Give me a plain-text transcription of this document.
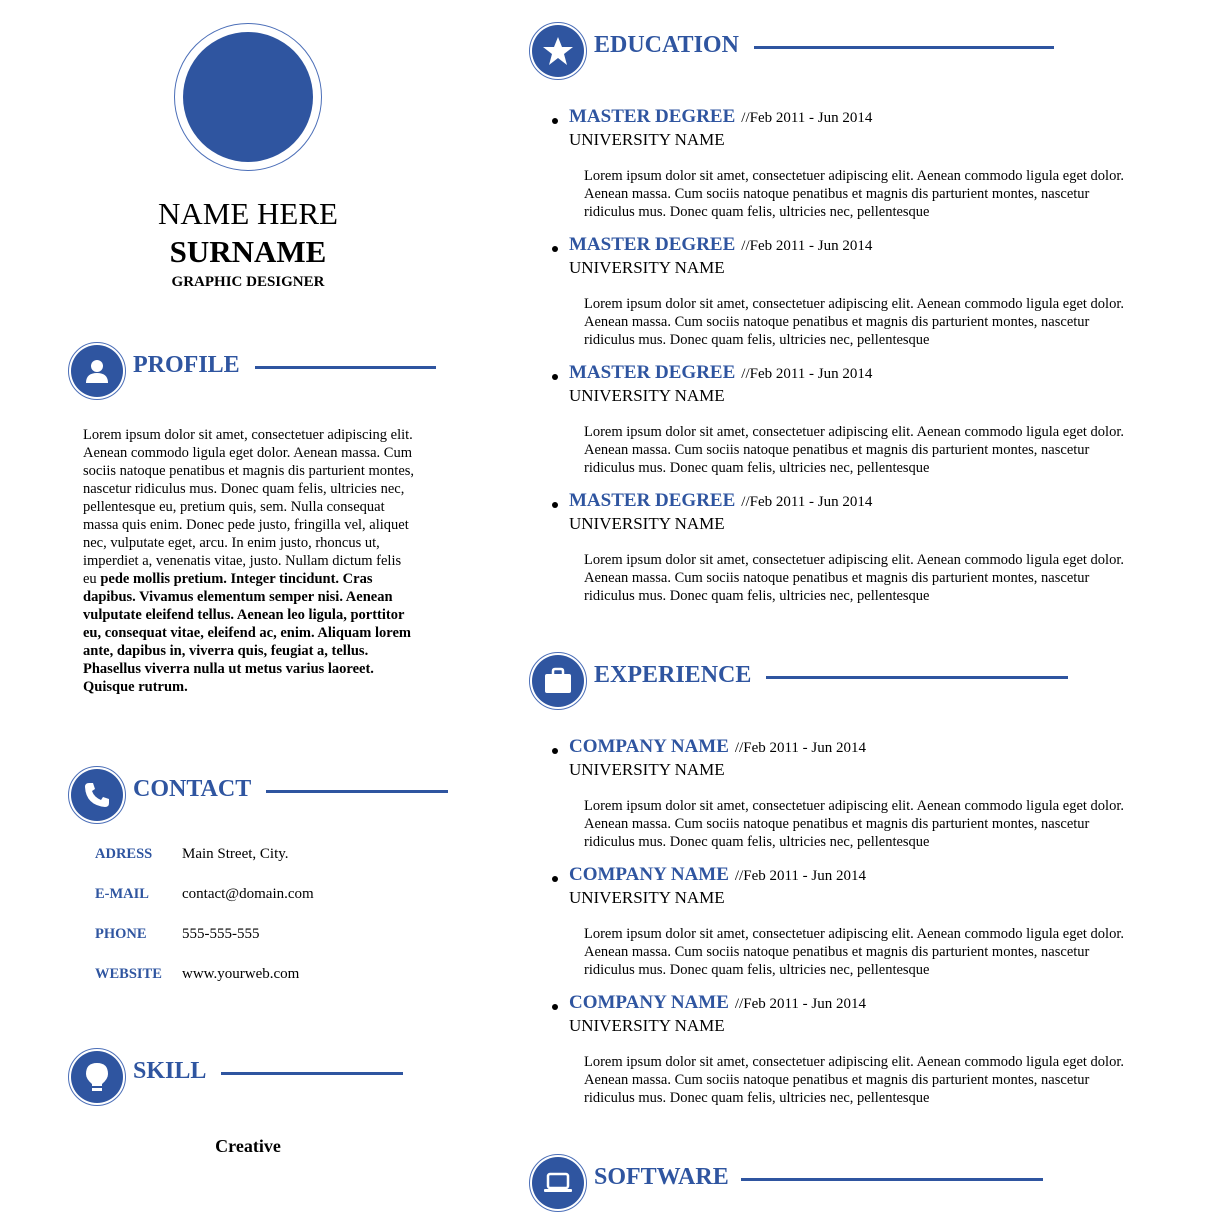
NAME HERE
SURNAME
GRAPHIC DESIGNER
PROFILE
Lorem ipsum dolor sit amet, consectetuer adipiscing elit. Aenean commodo ligula eget dolor. Aenean massa. Cum sociis natoque penatibus et magnis dis parturient montes, nascetur ridiculus mus. Donec quam felis, ultricies nec, pellentesque eu, pretium quis, sem. Nulla consequat massa quis enim. Donec pede justo, fringilla vel, aliquet nec, vulputate eget, arcu. In enim justo, rhoncus ut, imperdiet a, venenatis vitae, justo. Nullam dictum felis eu pede mollis pretium. Integer tincidunt. Cras dapibus. Vivamus elementum semper nisi. Aenean vulputate eleifend tellus. Aenean leo ligula, porttitor eu, consequat vitae, eleifend ac, enim. Aliquam lorem ante, dapibus in, viverra quis, feugiat a, tellus. Phasellus viverra nulla ut metus varius laoreet. Quisque rutrum.
CONTACT
ADRESS Main Street, City.
E-MAIL contact@domain.com
PHONE 555-555-555
WEBSITE www.yourweb.com
SKILL
Creative
EDUCATION
MASTER DEGREE //Feb 2011 - Jun 2014
UNIVERSITY NAME
Lorem ipsum dolor sit amet, consectetuer adipiscing elit. Aenean commodo ligula eget dolor. Aenean massa. Cum sociis natoque penatibus et magnis dis parturient montes, nascetur ridiculus mus. Donec quam felis, ultricies nec, pellentesque
MASTER DEGREE //Feb 2011 - Jun 2014
UNIVERSITY NAME
Lorem ipsum dolor sit amet, consectetuer adipiscing elit. Aenean commodo ligula eget dolor. Aenean massa. Cum sociis natoque penatibus et magnis dis parturient montes, nascetur ridiculus mus. Donec quam felis, ultricies nec, pellentesque
MASTER DEGREE //Feb 2011 - Jun 2014
UNIVERSITY NAME
Lorem ipsum dolor sit amet, consectetuer adipiscing elit. Aenean commodo ligula eget dolor. Aenean massa. Cum sociis natoque penatibus et magnis dis parturient montes, nascetur ridiculus mus. Donec quam felis, ultricies nec, pellentesque
MASTER DEGREE //Feb 2011 - Jun 2014
UNIVERSITY NAME
Lorem ipsum dolor sit amet, consectetuer adipiscing elit. Aenean commodo ligula eget dolor. Aenean massa. Cum sociis natoque penatibus et magnis dis parturient montes, nascetur ridiculus mus. Donec quam felis, ultricies nec, pellentesque
EXPERIENCE
COMPANY NAME //Feb 2011 - Jun 2014
UNIVERSITY NAME
Lorem ipsum dolor sit amet, consectetuer adipiscing elit. Aenean commodo ligula eget dolor. Aenean massa. Cum sociis natoque penatibus et magnis dis parturient montes, nascetur ridiculus mus. Donec quam felis, ultricies nec, pellentesque
COMPANY NAME //Feb 2011 - Jun 2014
UNIVERSITY NAME
Lorem ipsum dolor sit amet, consectetuer adipiscing elit. Aenean commodo ligula eget dolor. Aenean massa. Cum sociis natoque penatibus et magnis dis parturient montes, nascetur ridiculus mus. Donec quam felis, ultricies nec, pellentesque
COMPANY NAME //Feb 2011 - Jun 2014
UNIVERSITY NAME
Lorem ipsum dolor sit amet, consectetuer adipiscing elit. Aenean commodo ligula eget dolor. Aenean massa. Cum sociis natoque penatibus et magnis dis parturient montes, nascetur ridiculus mus. Donec quam felis, ultricies nec, pellentesque
SOFTWARE
